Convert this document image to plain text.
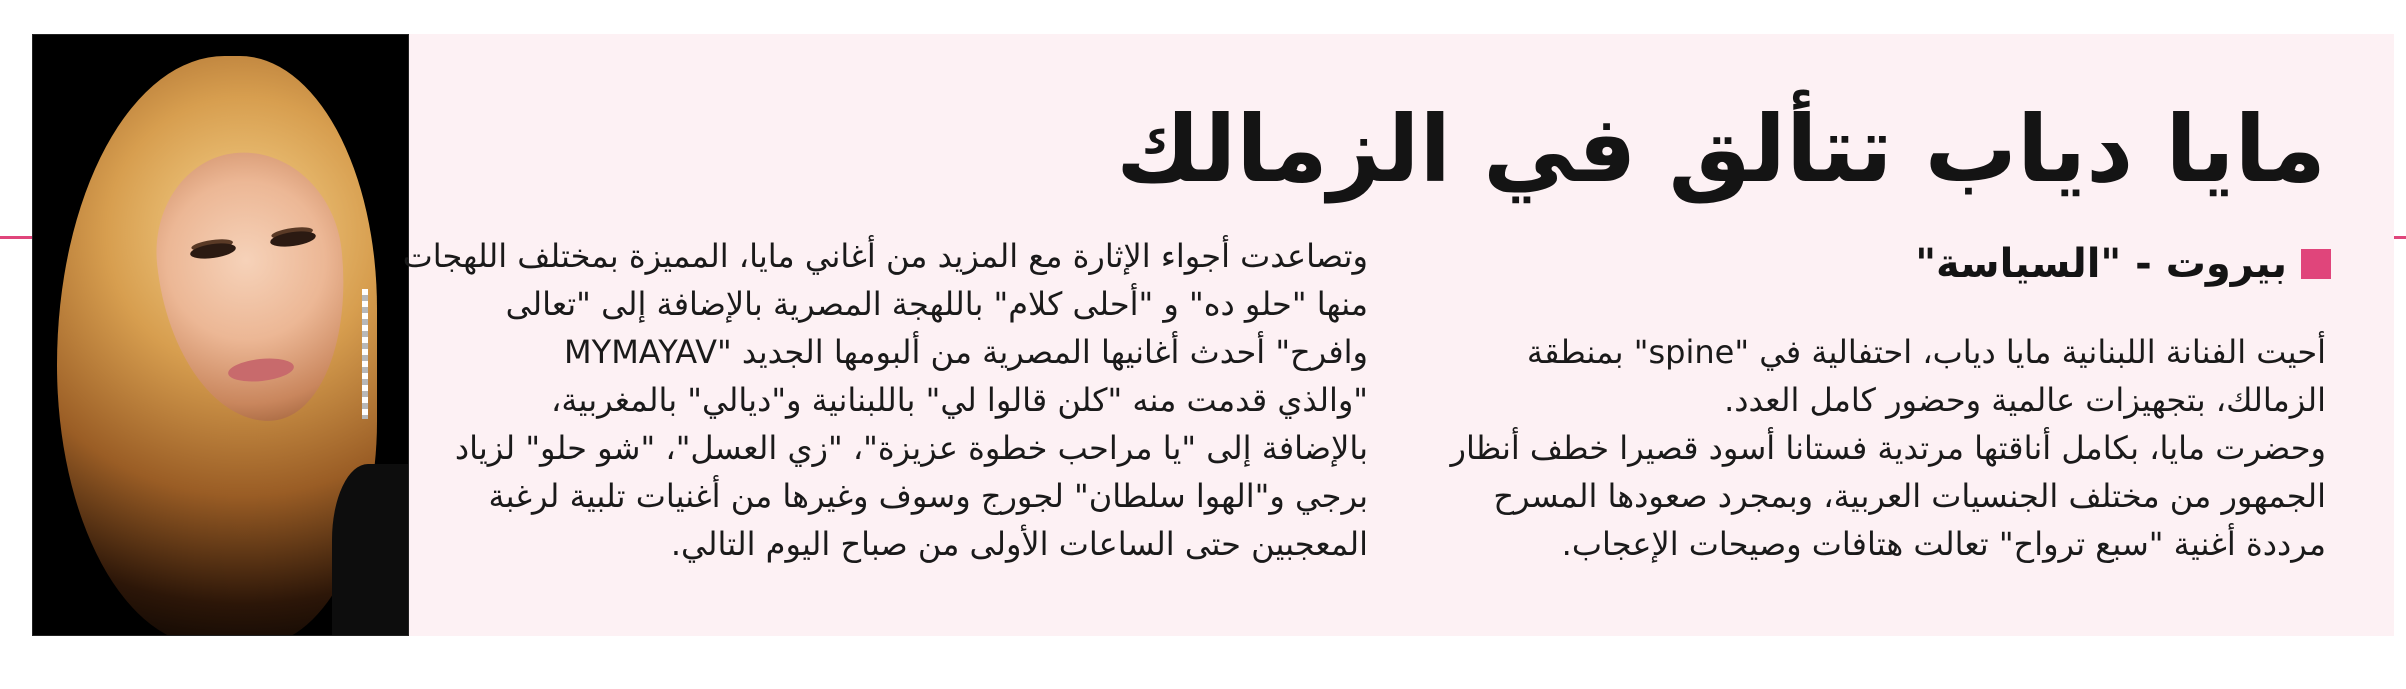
مايا دياب تتألق في الزمالك
بيروت - "السياسة"

أحيت الفنانة اللبنانية مايا دياب، احتفالية في "spine" بمنطقة
الزمالك، بتجهيزات عالمية وحضور كامل العدد.
وحضرت مايا، بكامل أناقتها مرتدية فستانا أسود قصيرا خطف أنظار
الجمهور من مختلف الجنسيات العربية، وبمجرد صعودها المسرح
مرددة أغنية "سبع ترواح" تعالت هتافات وصيحات الإعجاب.

وتصاعدت أجواء الإثارة مع المزيد من أغاني مايا، المميزة بمختلف اللهجات
منها "حلو ده" و "أحلى كلام" باللهجة المصرية بالإضافة إلى "تعالى
وافرح" أحدث أغانيها المصرية من ألبومها الجديد "MYMAYAV
"والذي قدمت منه "كلن قالوا لي" باللبنانية و"ديالي" بالمغربية،
بالإضافة إلى "يا مراحب خطوة عزيزة"، "زي العسل"، "شو حلو" لزياد
برجي و"الهوا سلطان" لجورج وسوف وغيرها من أغنيات تلبية لرغبة
المعجبين حتى الساعات الأولى من صباح اليوم التالي.
